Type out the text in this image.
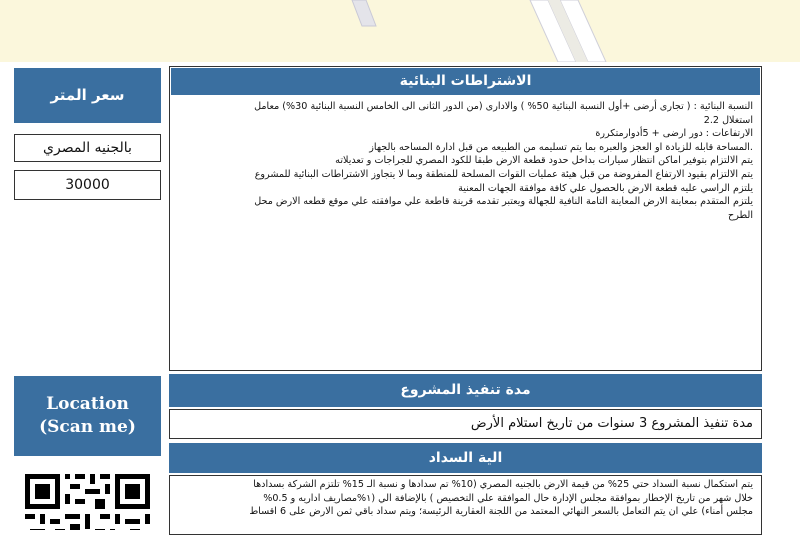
سعر المتر
بالجنيه المصري
30000
الاشتراطات البنائية
النسبة البنائية : ( تجارى أرضى +أول النسبة البنائية 50% ) والادارى (من الدور الثانى الى الخامس النسبة البنائية 30%) معامل
استغلال 2.2
الارتفاعات : دور ارضى + 5أدوارمتكررة
.المساحة قابله للزيادة او العجز والعبره بما يتم تسليمه من الطبيعه من قبل ادارة المساحه بالجهاز
يتم الالتزام بتوفير اماكن انتظار سيارات بداخل حدود قطعة الارض طبقا للكود المصري للجراجات و تعديلاته
يتم الالتزام بقيود الارتفاع المفروضة من قبل هيئة عمليات القوات المسلحة للمنطقة وبما لا يتجاوز الاشتراطات البنائية للمشروع
يلتزم الراسي عليه قطعة الارض بالحصول علي كافة موافقة الجهات المعنية
يلتزم المتقدم بمعاينة الارض المعاينة التامة النافية للجهالة ويعتبر تقدمه قرينة قاطعة علي موافقته علي موقع قطعه الارض محل
الطرح
Location
(Scan me)
مدة تنفيذ المشروع
مدة تنفيذ المشروع 3 سنوات من تاريخ استلام الأرض
الية السداد
يتم استكمال نسبة السداد حتي 25% من قيمة الارض بالجنيه المصري (10% تم سدادها و نسبة الـ 15% تلتزم الشركة بسدادها
خلال شهر من تاريخ الإخطار بموافقة مجلس الإدارة حال الموافقة علي التخصيص ) بالإضافة الي (١%مصاريف اداريه و 0.5%
مجلس أمناء) علي ان يتم التعامل بالسعر النهائي المعتمد من اللجنة العقارية الرئيسة؛ ويتم سداد باقي ثمن الارض على 6 اقساط
